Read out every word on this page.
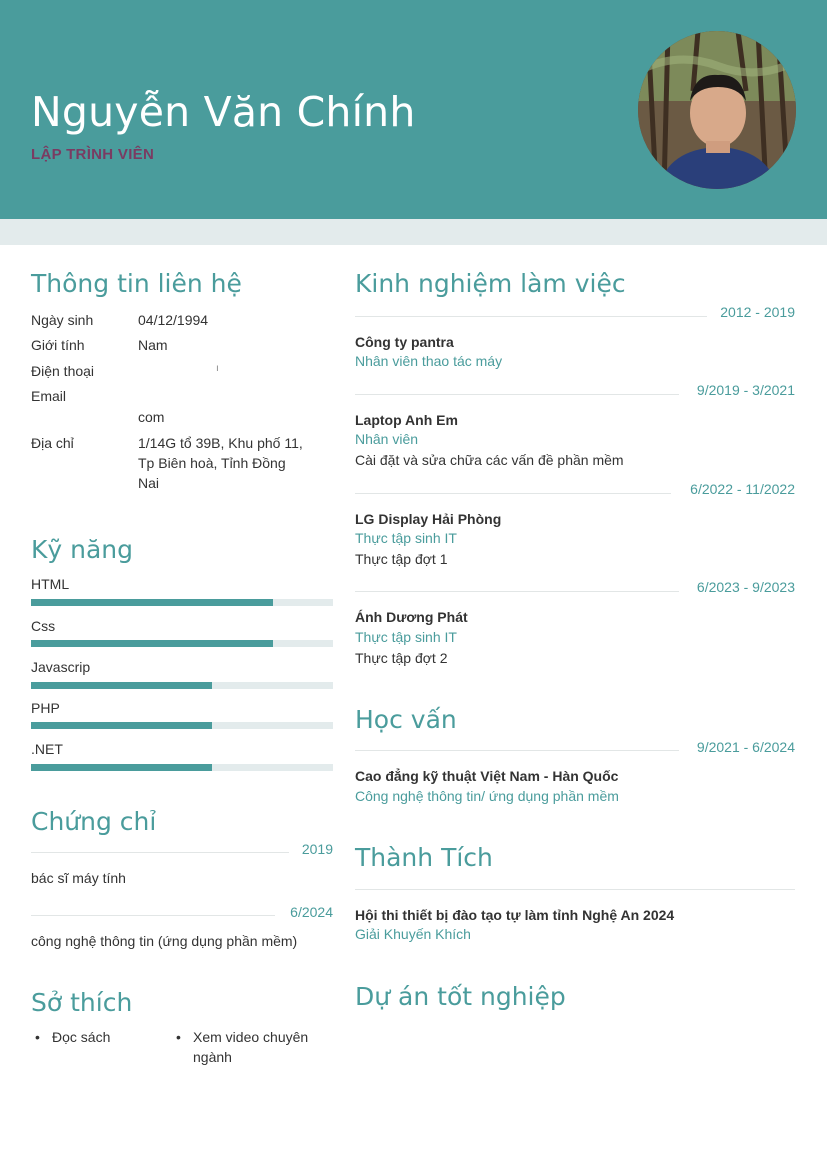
Nguyễn Văn Chính
LẬP TRÌNH VIÊN
Thông tin liên hệ
Ngày sinh	04/12/1994
Giới tính	Nam
Điện thoại	ı
Email
com
Địa chỉ	1/14G tổ 39B, Khu phố 11, Tp Biên hoà, Tỉnh Đồng Nai
Kỹ năng
HTML
Css
Javascrip
PHP
.NET
Chứng chỉ
2019
bác sĩ máy tính
6/2024
công nghệ thông tin (ứng dụng phần mềm)
Sở thích
• Đọc sách
•	Xem video chuyên ngành
Kinh nghiệm làm việc
2012 - 2019
Công ty pantra
Nhân viên thao tác máy
9/2019 - 3/2021
Laptop Anh Em
Nhân viên
Cài đặt và sửa chữa các vấn đề phần mềm
6/2022 - 11/2022
LG Display Hải Phòng
Thực tập sinh IT
Thực tập đợt 1
6/2023 - 9/2023
Ánh Dương Phát
Thực tập sinh IT
Thực tập đợt 2
Học vấn
9/2021 - 6/2024
Cao đẳng kỹ thuật Việt Nam - Hàn Quốc
Công nghệ thông tin/ ứng dụng phần mềm
Thành Tích
Hội thi thiết bị đào tạo tự làm tỉnh Nghệ An 2024
Giải Khuyến Khích
Dự án tốt nghiệp
